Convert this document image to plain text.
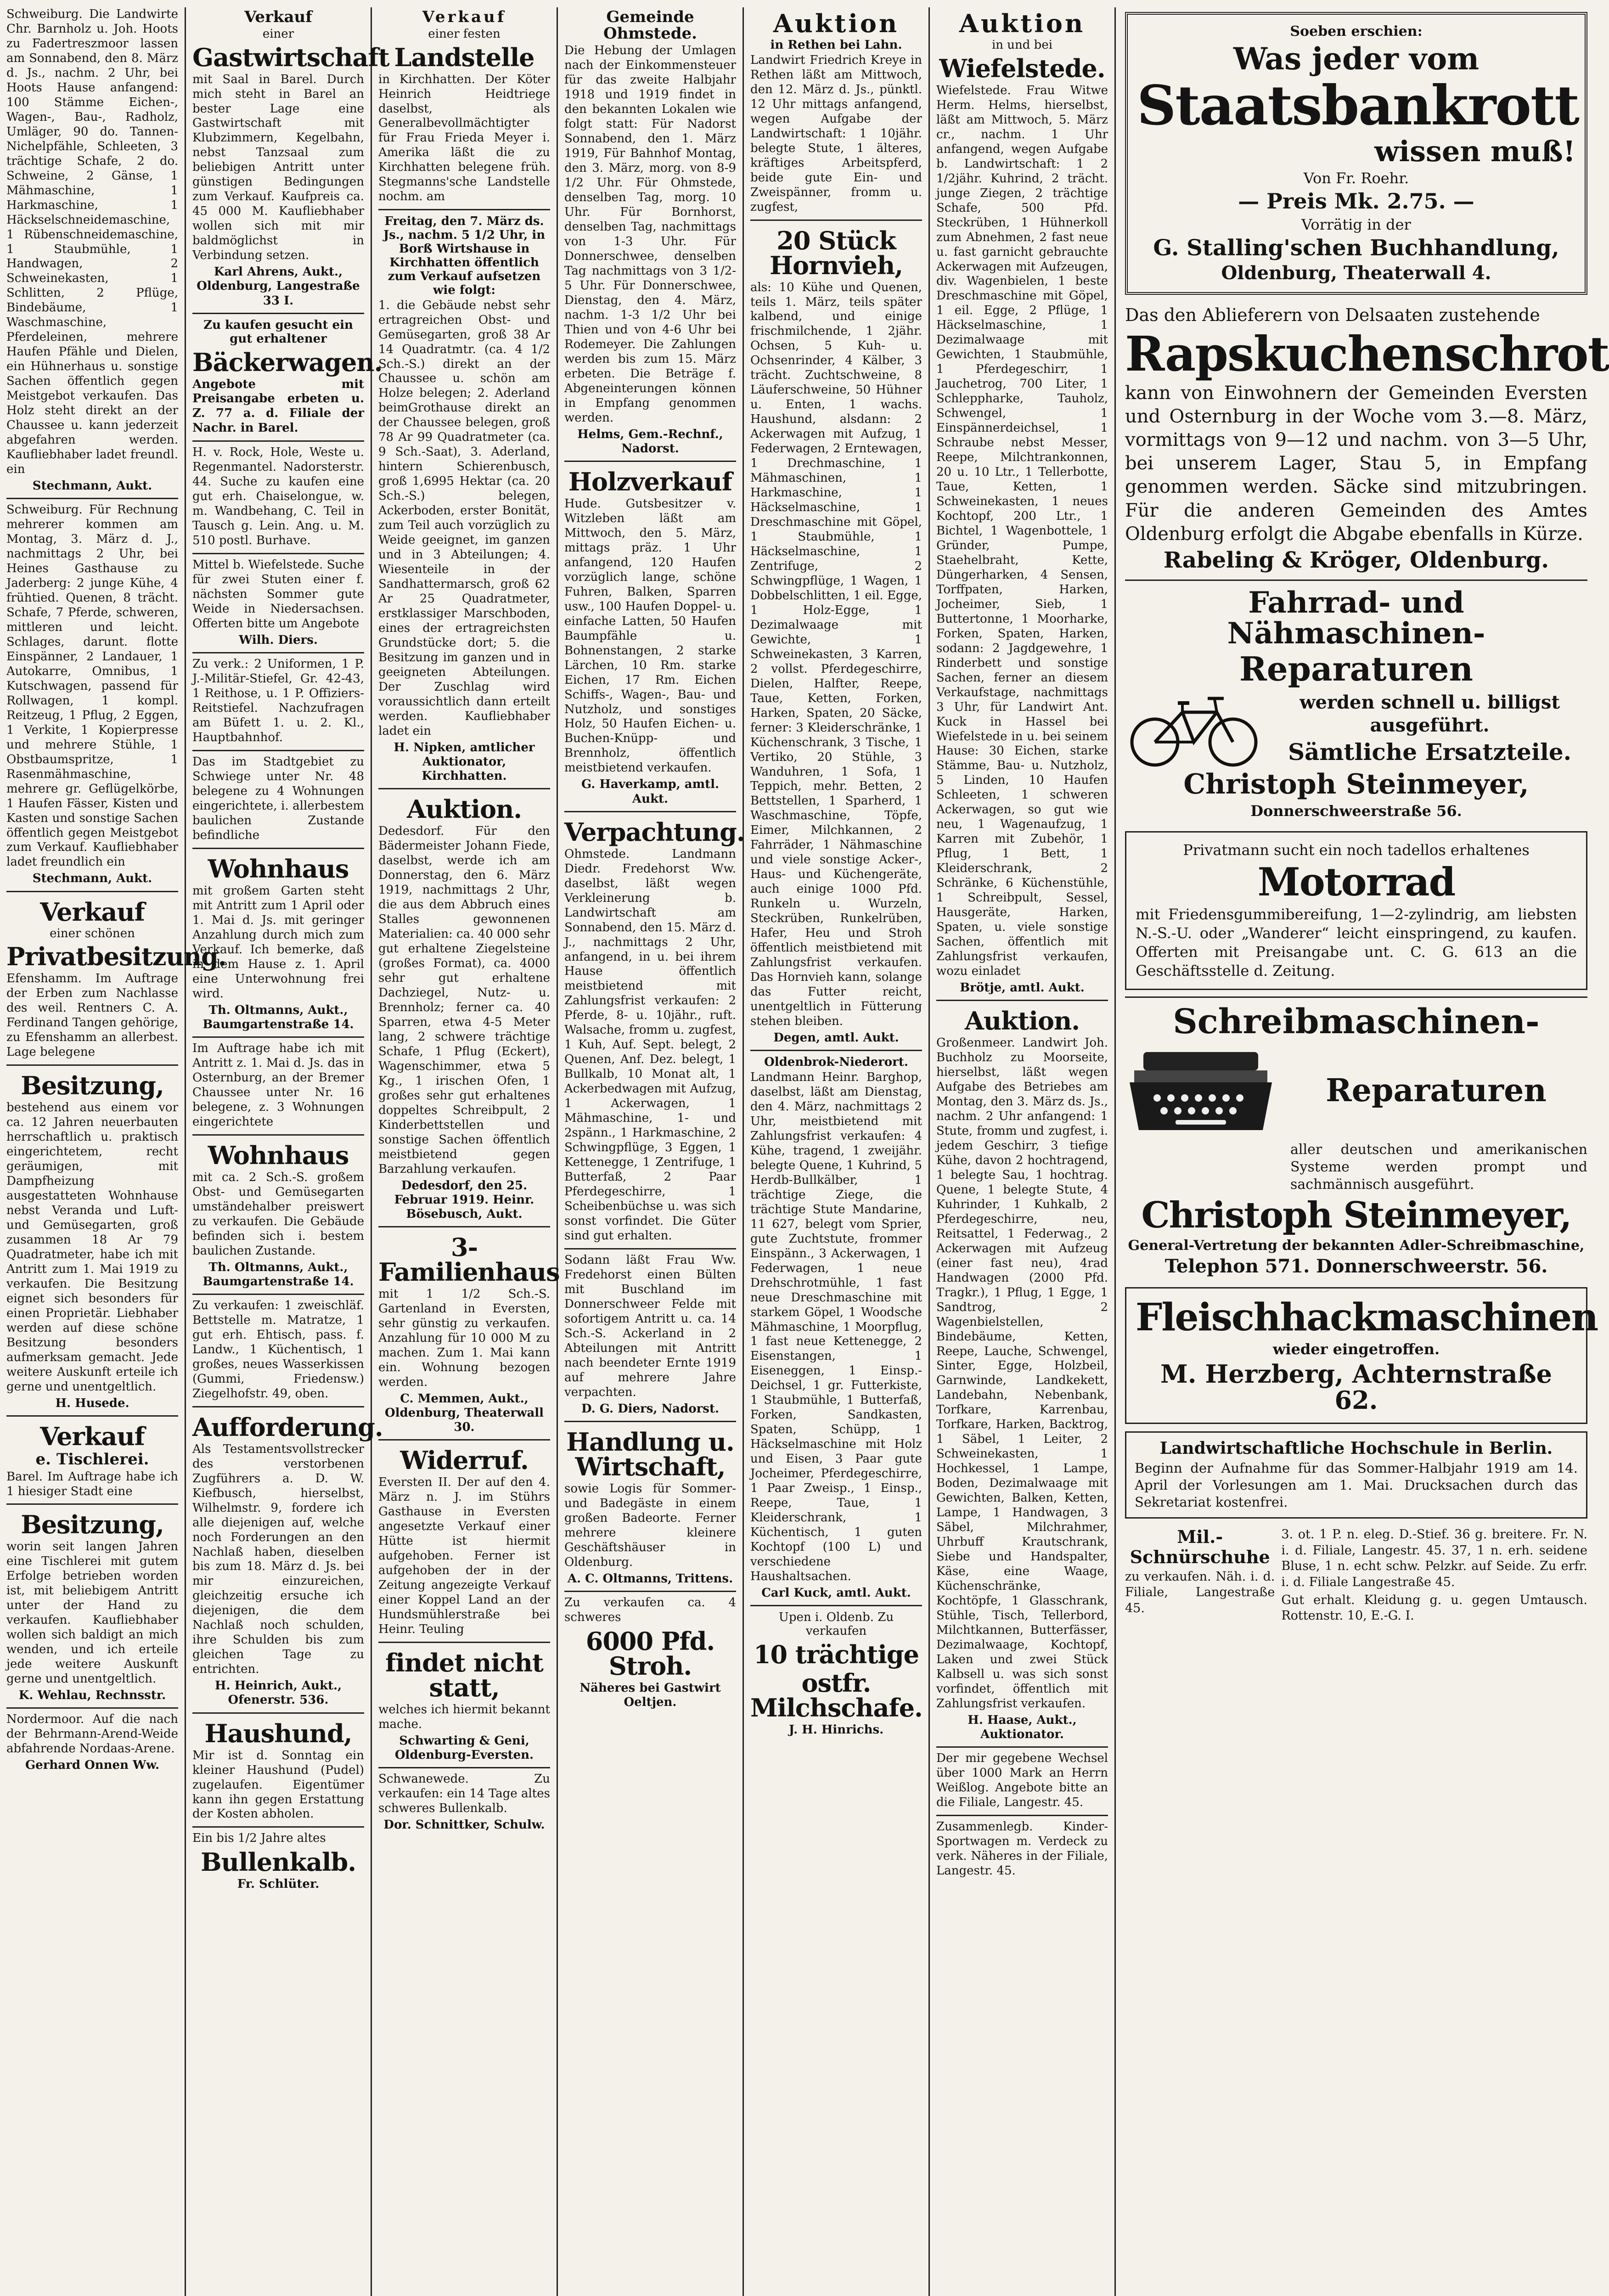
Schweiburg. Die Landwirte Chr. Barnholz u. Joh. Hoots zu Fadertreszmoor lassen am Sonnabend, den 8. März d. Js., nachm. 2 Uhr, bei Hoots Hause anfangend: 100 Stämme Eichen-, Wagen-, Bau-, Radholz, Umläger, 90 do. Tannen-Nichelpfähle, Schleeten, 3 trächtige Schafe, 2 do. Schweine, 2 Gänse, 1 Mähmaschine, 1 Harkmaschine, 1 Häckselschneidemaschine, 1 Rübenschneidemaschine, 1 Staubmühle, 1 Handwagen, 2 Schweinekasten, 1 Schlitten, 2 Pflüge, Bindebäume, 1 Waschmaschine, Pferdeleinen, mehrere Haufen Pfähle und Dielen, ein Hühnerhaus u. sonstige Sachen öffentlich gegen Meistgebot verkaufen. Das Holz steht direkt an der Chaussee u. kann jederzeit abgefahren werden. Kaufliebhaber ladet freundl. ein

Stechmann, Aukt.

Schweiburg. Für Rechnung mehrerer kommen am Montag, 3. März d. J., nachmittags 2 Uhr, bei Heines Gasthause zu Jaderberg: 2 junge Kühe, 4 frühtied. Quenen, 8 trächt. Schafe, 7 Pferde, schweren, mittleren und leicht. Schlages, darunt. flotte Einspänner, 2 Landauer, 1 Autokarre, Omnibus, 1 Kutschwagen, passend für Rollwagen, 1 kompl. Reitzeug, 1 Pflug, 2 Eggen, 1 Verkite, 1 Kopierpresse und mehrere Stühle, 1 Obstbaumspritze, 1 Rasenmähmaschine, mehrere gr. Geflügelkörbe, 1 Haufen Fässer, Kisten und Kasten und sonstige Sachen öffentlich gegen Meistgebot zum Verkauf. Kaufliebhaber ladet freundlich ein

Stechmann, Aukt.
Verkauf
einer schönen
Privatbesitzung.

Efenshamm. Im Auftrage der Erben zum Nachlasse des weil. Rentners C. A. Ferdinand Tangen gehörige, zu Efenshamm an allerbest. Lage belegene

Besitzung,

bestehend aus einem vor ca. 12 Jahren neuerbauten herrschaftlich u. praktisch eingerichtetem, recht geräumigen, mit Dampfheizung ausgestatteten Wohnhause nebst Veranda und Luft- und Gemüsegarten, groß zusammen 18 Ar 79 Quadratmeter, habe ich mit Antritt zum 1. Mai 1919 zu verkaufen. Die Besitzung eignet sich besonders für einen Proprietär. Liebhaber werden auf diese schöne Besitzung besonders aufmerksam gemacht. Jede weitere Auskunft erteile ich gerne und unentgeltlich.

H. Husede.
Verkauf
e. Tischlerei.

Barel. Im Auftrage habe ich 1 hiesiger Stadt eine

Besitzung,

worin seit langen Jahren eine Tischlerei mit gutem Erfolge betrieben worden ist, mit beliebigem Antritt unter der Hand zu verkaufen. Kaufliebhaber wollen sich baldigt an mich wenden, und ich erteile jede weitere Auskunft gerne und unentgeltlich.

K. Wehlau, Rechnsstr.

Nordermoor. Auf die nach der Behrmann-Arend-Weide abfahrende Nordaas-Arene.

Gerhard Onnen Ww.
Verkauf
einer
Gastwirtschaft

mit Saal in Barel. Durch mich steht in Barel an bester Lage eine Gastwirtschaft mit Klubzimmern, Kegelbahn, nebst Tanzsaal zum beliebigen Antritt unter günstigen Bedingungen zum Verkauf. Kaufpreis ca. 45 000 M. Kaufliebhaber wollen sich mit mir baldmöglichst in Verbindung setzen.

Karl Ahrens, Aukt., Oldenburg, Langestraße 33 I.
Zu kaufen gesucht ein gut erhaltener
Bäckerwagen.

Angebote mit Preisangabe erbeten u. Z. 77 a. d. Filiale der Nachr. in Barel.

H. v. Rock, Hole, Weste u. Regenmantel. Nadorsterstr. 44. Suche zu kaufen eine gut erh. Chaiselongue, w. m. Wandbehang, C. Teil in Tausch g. Lein. Ang. u. M. 510 postl. Burhave.

Mittel b. Wiefelstede. Suche für zwei Stuten einer f. nächsten Sommer gute Weide in Niedersachsen. Offerten bitte um Angebote

Wilh. Diers.

Zu verk.: 2 Uniformen, 1 P. J.-Militär-Stiefel, Gr. 42-43, 1 Reithose, u. 1 P. Offiziers-Reitstiefel. Nachzufragen am Büfett 1. u. 2. Kl., Hauptbahnhof.

Das im Stadtgebiet zu Schwiege unter Nr. 48 belegene zu 4 Wohnungen eingerichtete, i. allerbestem baulichen Zustande befindliche

Wohnhaus

mit großem Garten steht mit Antritt zum 1 April oder 1. Mai d. Js. mit geringer Anzahlung durch mich zum Verkauf. Ich bemerke, daß in dem Hause z. 1. April eine Unterwohnung frei wird.

Th. Oltmanns, Aukt., Baumgartenstraße 14.

Im Auftrage habe ich mit Antritt z. 1. Mai d. Js. das in Osternburg, an der Bremer Chaussee unter Nr. 16 belegene, z. 3 Wohnungen eingerichtete

Wohnhaus

mit ca. 2 Sch.-S. großem Obst- und Gemüsegarten umständehalber preiswert zu verkaufen. Die Gebäude befinden sich i. bestem baulichen Zustande.

Th. Oltmanns, Aukt., Baumgartenstraße 14.

Zu verkaufen: 1 zweischläf. Bettstelle m. Matratze, 1 gut erh. Ehtisch, pass. f. Landw., 1 Küchentisch, 1 großes, neues Wasserkissen (Gummi, Friedensw.) Ziegelhofstr. 49, oben.

Aufforderung.

Als Testamentsvollstrecker des verstorbenen Zugführers a. D. W. Kiefbusch, hierselbst, Wilhelmstr. 9, fordere ich alle diejenigen auf, welche noch Forderungen an den Nachlaß haben, dieselben bis zum 18. März d. Js. bei mir einzureichen, gleichzeitig ersuche ich diejenigen, die dem Nachlaß noch schulden, ihre Schulden bis zum gleichen Tage zu entrichten.

H. Heinrich, Aukt., Ofenerstr. 536.
Haushund,

Mir ist d. Sonntag ein kleiner Haushund (Pudel) zugelaufen. Eigentümer kann ihn gegen Erstattung der Kosten abholen.

Ein bis 1/2 Jahre altes

Bullenkalb.
Fr. Schlüter.
Verkauf
einer festen
Landstelle

in Kirchhatten. Der Köter Heinrich Heidtriege daselbst, als Generalbevollmächtigter für Frau Frieda Meyer i. Amerika läßt die zu Kirchhatten belegene früh. Stegmanns'sche Landstelle nochm. am

Freitag, den 7. März ds. Js., nachm. 5 1/2 Uhr, in Borß Wirtshause in Kirchhatten öffentlich zum Verkauf aufsetzen wie folgt:

1. die Gebäude nebst sehr ertragreichen Obst- und Gemüsegarten, groß 38 Ar 14 Quadratmtr. (ca. 4 1/2 Sch.-S.) direkt an der Chaussee u. schön am Holze belegen; 2. Aderland beimGrothause direkt an der Chaussee belegen, groß 78 Ar 99 Quadratmeter (ca. 9 Sch.-Saat), 3. Aderland, hintern Schierenbusch, groß 1,6995 Hektar (ca. 20 Sch.-S.) belegen, Ackerboden, erster Bonität, zum Teil auch vorzüglich zu Weide geeignet, im ganzen und in 3 Abteilungen; 4. Wiesenteile in der Sandhattermarsch, groß 62 Ar 25 Quadratmeter, erstklassiger Marschboden, eines der ertragreichsten Grundstücke dort; 5. die Besitzung im ganzen und in geeigneten Abteilungen. Der Zuschlag wird voraussichtlich dann erteilt werden. Kaufliebhaber ladet ein

H. Nipken, amtlicher Auktionator, Kirchhatten.
Auktion.

Dedesdorf. Für den Bädermeister Johann Fiede, daselbst, werde ich am Donnerstag, den 6. März 1919, nachmittags 2 Uhr, die aus dem Abbruch eines Stalles gewonnenen Materialien: ca. 40 000 sehr gut erhaltene Ziegelsteine (großes Format), ca. 4000 sehr gut erhaltene Dachziegel, Nutz- u. Brennholz; ferner ca. 40 Sparren, etwa 4-5 Meter lang, 2 schwere trächtige Schafe, 1 Pflug (Eckert), Wagenschimmer, etwa 5 Kg., 1 irischen Ofen, 1 großes sehr gut erhaltenes doppeltes Schreibpult, 2 Kinderbettstellen und sonstige Sachen öffentlich meistbietend gegen Barzahlung verkaufen.

Dedesdorf, den 25. Februar 1919. Heinr. Bösebusch, Aukt.
3-Familienhaus

mit 1 1/2 Sch.-S. Gartenland in Eversten, sehr günstig zu verkaufen. Anzahlung für 10 000 M zu machen. Zum 1. Mai kann ein. Wohnung bezogen werden.

C. Memmen, Aukt., Oldenburg, Theaterwall 30.
Widerruf.

Eversten II. Der auf den 4. März n. J. im Stührs Gasthause in Eversten angesetzte Verkauf einer Hütte ist hiermit aufgehoben. Ferner ist aufgehoben der in der Zeitung angezeigte Verkauf einer Koppel Land an der Hundsmühlerstraße bei Heinr. Teuling

findet nicht statt,

welches ich hiermit bekannt mache.

Schwarting & Geni, Oldenburg-Eversten.

Schwanewede. Zu verkaufen: ein 14 Tage altes schweres Bullenkalb.

Dor. Schnittker, Schulw.
Gemeinde Ohmstede.

Die Hebung der Umlagen nach der Einkommensteuer für das zweite Halbjahr 1918 und 1919 findet in den bekannten Lokalen wie folgt statt: Für Nadorst Sonnabend, den 1. März 1919, Für Bahnhof Montag, den 3. März, morg. von 8-9 1/2 Uhr. Für Ohmstede, denselben Tag, morg. 10 Uhr. Für Bornhorst, denselben Tag, nachmittags von 1-3 Uhr. Für Donnerschwee, denselben Tag nachmittags von 3 1/2-5 Uhr. Für Donnerschwee, Dienstag, den 4. März, nachm. 1-3 1/2 Uhr bei Thien und von 4-6 Uhr bei Rodemeyer. Die Zahlungen werden bis zum 15. März erbeten. Die Beträge f. Abgeneinterungen können in Empfang genommen werden.

Helms, Gem.-Rechnf., Nadorst.
Holzverkauf

Hude. Gutsbesitzer v. Witzleben läßt am Mittwoch, den 5. März, mittags präz. 1 Uhr anfangend, 120 Haufen vorzüglich lange, schöne Fuhren, Balken, Sparren usw., 100 Haufen Doppel- u. einfache Latten, 50 Haufen Baumpfähle u. Bohnenstangen, 2 starke Lärchen, 10 Rm. starke Eichen, 17 Rm. Eichen Schiffs-, Wagen-, Bau- und Nutzholz, und sonstiges Holz, 50 Haufen Eichen- u. Buchen-Knüpp- und Brennholz, öffentlich meistbietend verkaufen.

G. Haverkamp, amtl. Aukt.
Verpachtung.

Ohmstede. Landmann Diedr. Fredehorst Ww. daselbst, läßt wegen Verkleinerung b. Landwirtschaft am Sonnabend, den 15. März d. J., nachmittags 2 Uhr, anfangend, in u. bei ihrem Hause öffentlich meistbietend mit Zahlungsfrist verkaufen: 2 Pferde, 8- u. 10jähr., ruft. Walsache, fromm u. zugfest, 1 Kuh, Auf. Sept. belegt, 2 Quenen, Anf. Dez. belegt, 1 Bullkalb, 10 Monat alt, 1 Ackerbedwagen mit Aufzug, 1 Ackerwagen, 1 Mähmaschine, 1- und 2spänn., 1 Harkmaschine, 2 Schwingpflüge, 3 Eggen, 1 Kettenegge, 1 Zentrifuge, 1 Butterfaß, 2 Paar Pferdegeschirre, 1 Scheibenbüchse u. was sich sonst vorfindet. Die Güter sind gut erhalten.

Sodann läßt Frau Ww. Fredehorst einen Bülten mit Buschland im Donnerschweer Felde mit sofortigem Antritt u. ca. 14 Sch.-S. Ackerland in 2 Abteilungen mit Antritt nach beendeter Ernte 1919 auf mehrere Jahre verpachten.

D. G. Diers, Nadorst.
Handlung u. Wirtschaft,

sowie Logis für Sommer- und Badegäste in einem großen Badeorte. Ferner mehrere kleinere Geschäftshäuser in Oldenburg.

A. C. Oltmanns, Trittens.

Zu verkaufen ca. 4 schweres

6000 Pfd. Stroh.
Näheres bei Gastwirt Oeltjen.
Auktion
in Rethen bei Lahn.

Landwirt Friedrich Kreye in Rethen läßt am Mittwoch, den 12. März d. Js., pünktl. 12 Uhr mittags anfangend, wegen Aufgabe der Landwirtschaft: 1 10jähr. belegte Stute, 1 älteres, kräftiges Arbeitspferd, beide gute Ein- und Zweispänner, fromm u. zugfest,

20 Stück Hornvieh,

als: 10 Kühe und Quenen, teils 1. März, teils später kalbend, und einige frischmilchende, 1 2jähr. Ochsen, 5 Kuh- u. Ochsenrinder, 4 Kälber, 3 trächt. Zuchtschweine, 8 Läuferschweine, 50 Hühner u. Enten, 1 wachs. Haushund, alsdann: 2 Ackerwagen mit Aufzug, 1 Federwagen, 2 Erntewagen, 1 Drechmaschine, 1 Mähmaschinen, 1 Harkmaschine, 1 Häckselmaschine, 1 Dreschmaschine mit Göpel, 1 Staubmühle, 1 Häckselmaschine, 1 Zentrifuge, 2 Schwingpflüge, 1 Wagen, 1 Dobbelschlitten, 1 eil. Egge, 1 Holz-Egge, 1 Dezimalwaage mit Gewichte, 1 Schweinekasten, 3 Karren, 2 vollst. Pferdegeschirre, Dielen, Halfter, Reepe, Taue, Ketten, Forken, Harken, Spaten, 20 Säcke, ferner: 3 Kleiderschränke, 1 Küchenschrank, 3 Tische, 1 Vertiko, 20 Stühle, 3 Wanduhren, 1 Sofa, 1 Teppich, mehr. Betten, 2 Bettstellen, 1 Sparherd, 1 Waschmaschine, Töpfe, Eimer, Milchkannen, 2 Fahrräder, 1 Nähmaschine und viele sonstige Acker-, Haus- und Küchengeräte, auch einige 1000 Pfd. Runkeln u. Wurzeln, Steckrüben, Runkelrüben, Hafer, Heu und Stroh öffentlich meistbietend mit Zahlungsfrist verkaufen. Das Hornvieh kann, solange das Futter reicht, unentgeltlich in Fütterung stehen bleiben.

Degen, amtl. Aukt.
Oldenbrok-Niederort.

Landmann Heinr. Barghop, daselbst, läßt am Dienstag, den 4. März, nachmittags 2 Uhr, meistbietend mit Zahlungsfrist verkaufen: 4 Kühe, tragend, 1 zweijähr. belegte Quene, 1 Kuhrind, 5 Herdb-Bullkälber, 1 trächtige Ziege, die trächtige Stute Mandarine, 11 627, belegt vom Sprier, gute Zuchtstute, frommer Einspänn., 3 Ackerwagen, 1 Federwagen, 1 neue Drehschrotmühle, 1 fast neue Dreschmaschine mit starkem Göpel, 1 Woodsche Mähmaschine, 1 Moorpflug, 1 fast neue Kettenegge, 2 Eisenstangen, 1 Eiseneggen, 1 Einsp.-Deichsel, 1 gr. Futterkiste, 1 Staubmühle, 1 Butterfaß, Forken, Sandkasten, Spaten, Schüpp, 1 Häckselmaschine mit Holz und Eisen, 3 Paar gute Jocheimer, Pferdegeschirre, 1 Paar Zweisp., 1 Einsp., Reepe, Taue, 1 Kleiderschrank, 1 Küchentisch, 1 guten Kochtopf (100 L) und verschiedene Haushaltsachen.

Carl Kuck, amtl. Aukt.
Upen i. Oldenb. Zu verkaufen
10 trächtige
ostfr. Milchschafe.
J. H. Hinrichs.
Auktion
in und bei
Wiefelstede.

Wiefelstede. Frau Witwe Herm. Helms, hierselbst, läßt am Mittwoch, 5. März cr., nachm. 1 Uhr anfangend, wegen Aufgabe b. Landwirtschaft: 1 2 1/2jähr. Kuhrind, 2 trächt. junge Ziegen, 2 trächtige Schafe, 500 Pfd. Steckrüben, 1 Hühnerkoll zum Abnehmen, 2 fast neue u. fast garnicht gebrauchte Ackerwagen mit Aufzeugen, div. Wagenbielen, 1 beste Dreschmaschine mit Göpel, 1 eil. Egge, 2 Pflüge, 1 Häckselmaschine, 1 Dezimalwaage mit Gewichten, 1 Staubmühle, 1 Pferdegeschirr, 1 Jauchetrog, 700 Liter, 1 Schleppharke, Tauholz, Schwengel, 1 Einspännerdeichsel, 1 Schraube nebst Messer, Reepe, Milchtrankonnen, 20 u. 10 Ltr., 1 Tellerbotte, Taue, Ketten, 1 Schweinekasten, 1 neues Kochtopf, 200 Ltr., 1 Bichtel, 1 Wagenbottele, 1 Gründer, Pumpe, Staehelbraht, Kette, Düngerharken, 4 Sensen, Torffpaten, Harken, Jocheimer, Sieb, 1 Buttertonne, 1 Moorharke, Forken, Spaten, Harken, sodann: 2 Jagdgewehre, 1 Rinderbett und sonstige Sachen, ferner an diesem Verkaufstage, nachmittags 3 Uhr, für Landwirt Ant. Kuck in Hassel bei Wiefelstede in u. bei seinem Hause: 30 Eichen, starke Stämme, Bau- u. Nutzholz, 5 Linden, 10 Haufen Schleeten, 1 schweren Ackerwagen, so gut wie neu, 1 Wagenaufzug, 1 Karren mit Zubehör, 1 Pflug, 1 Bett, 1 Kleiderschrank, 2 Schränke, 6 Küchenstühle, 1 Schreibpult, Sessel, Hausgeräte, Harken, Spaten, u. viele sonstige Sachen, öffentlich mit Zahlungsfrist verkaufen, wozu einladet

Brötje, amtl. Aukt.
Auktion.

Großenmeer. Landwirt Joh. Buchholz zu Moorseite, hierselbst, läßt wegen Aufgabe des Betriebes am Montag, den 3. März ds. Js., nachm. 2 Uhr anfangend: 1 Stute, fromm und zugfest, i. jedem Geschirr, 3 tiefige Kühe, davon 2 hochtragend, 1 belegte Sau, 1 hochtrag. Quene, 1 belegte Stute, 4 Kuhrinder, 1 Kuhkalb, 2 Pferdegeschirre, neu, Reitsattel, 1 Federwag., 2 Ackerwagen mit Aufzeug (einer fast neu), 4rad Handwagen (2000 Pfd. Tragkr.), 1 Pflug, 1 Egge, 1 Sandtrog, 2 Wagenbielstellen, Bindebäume, Ketten, Reepe, Lauche, Schwengel, Sinter, Egge, Holzbeil, Garnwinde, Landkekett, Landebahn, Nebenbank, Torfkare, Karrenbau, Torfkare, Harken, Backtrog, 1 Säbel, 1 Leiter, 2 Schweinekasten, 1 Hochkessel, 1 Lampe, Boden, Dezimalwaage mit Gewichten, Balken, Ketten, Lampe, 1 Handwagen, 3 Säbel, Milchrahmer, Uhrbuff Krautschrank, Siebe und Handspalter, Käse, eine Waage, Küchenschränke, Kochtöpfe, 1 Glasschrank, Stühle, Tisch, Tellerbord, Milchtkannen, Butterfässer, Dezimalwaage, Kochtopf, Laken und zwei Stück Kalbsell u. was sich sonst vorfindet, öffentlich mit Zahlungsfrist verkaufen.

H. Haase, Aukt., Auktionator.

Der mir gegebene Wechsel über 1000 Mark an Herrn Weißlog. Angebote bitte an die Filiale, Langestr. 45.

Zusammenlegb. Kinder-Sportwagen m. Verdeck zu verk. Näheres in der Filiale, Langestr. 45.

Soeben erschien:
Was jeder vom
Staatsbankrott
wissen muß!
Von Fr. Roehr.
— Preis Mk. 2.75. —
Vorrätig in der
G. Stalling'schen Buchhandlung,
Oldenburg, Theaterwall 4.
Das den Ablieferern von Delsaaten zustehende
Rapskuchenschrot

kann von Einwohnern der Gemeinden Eversten und Osternburg in der Woche vom 3.—8. März, vormittags von 9—12 und nachm. von 3—5 Uhr, bei unserem Lager, Stau 5, in Empfang genommen werden. Säcke sind mitzubringen. Für die anderen Gemeinden des Amtes Oldenburg erfolgt die Abgabe ebenfalls in Kürze.

Rabeling & Kröger, Oldenburg.
Fahrrad- und Nähmaschinen-
Reparaturen
werden schnell u. billigst ausgeführt.
Sämtliche Ersatzteile.
Christoph Steinmeyer,
Donnerschweerstraße 56.
Privatmann sucht ein noch tadellos erhaltenes
Motorrad

mit Friedensgummibereifung, 1—2-zylindrig, am liebsten N.-S.-U. oder „Wanderer“ leicht einspringend, zu kaufen. Offerten mit Preisangabe unt. C. G. 613 an die Geschäftsstelle d. Zeitung.

Schreibmaschinen-
Reparaturen

aller deutschen und amerikanischen Systeme werden prompt und sachmännisch ausgeführt.

Christoph Steinmeyer,
General-Vertretung der bekannten Adler-Schreibmaschine,
Telephon 571. Donnerschweerstr. 56.
Fleischhackmaschinen
wieder eingetroffen.
M. Herzberg, Achternstraße 62.
Landwirtschaftliche Hochschule in Berlin.

Beginn der Aufnahme für das Sommer-Halbjahr 1919 am 14. April der Vorlesungen am 1. Mai. Drucksachen durch das Sekretariat kostenfrei.

Mil.-Schnürschuhe

zu verkaufen. Näh. i. d. Filiale, Langestraße 45.

3. ot. 1 P. n. eleg. D.-Stief. 36 g. breitere. Fr. N. i. d. Filiale, Langestr. 45. 37, 1 n. erh. seidene Bluse, 1 n. echt schw. Pelzkr. auf Seide. Zu erfr. i. d. Filiale Langestraße 45.

Gut erhalt. Kleidung g. u. gegen Umtausch. Rottenstr. 10, E.-G. I.
